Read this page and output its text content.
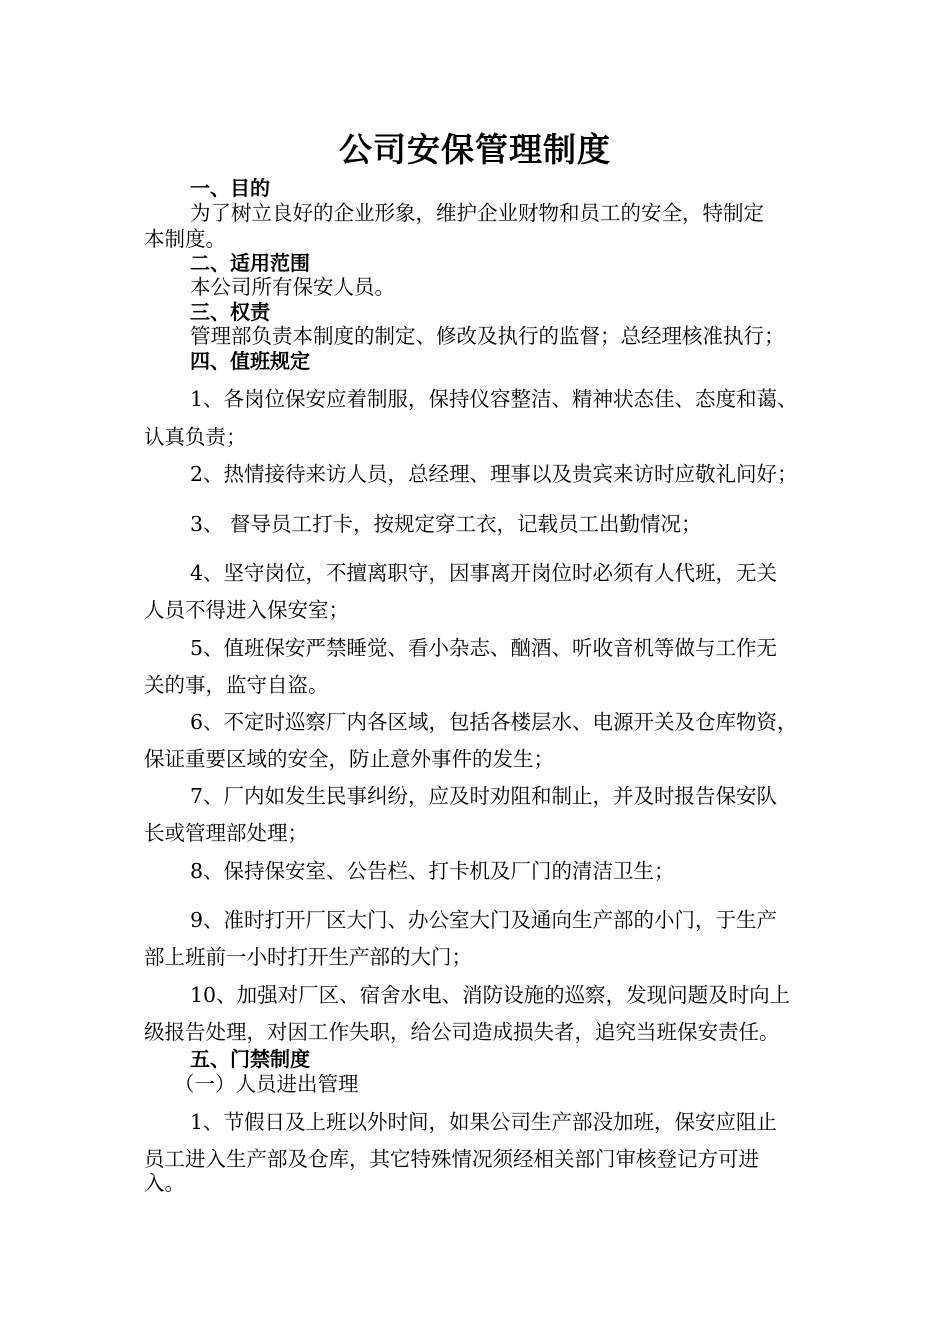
公司安保管理制度
一、目的
为了树立良好的企业形象，维护企业财物和员工的安全，特制定
本制度。
二、适用范围
本公司所有保安人员。
三、权责
管理部负责本制度的制定、修改及执行的监督；总经理核准执行；
四、值班规定
1、各岗位保安应着制服，保持仪容整洁、精神状态佳、态度和蔼、
认真负责；
2、热情接待来访人员，总经理、理事以及贵宾来访时应敬礼问好；
3、 督导员工打卡，按规定穿工衣，记载员工出勤情况；
4、坚守岗位，不擅离职守，因事离开岗位时必须有人代班，无关
人员不得进入保安室；
5、值班保安严禁睡觉、看小杂志、酗酒、听收音机等做与工作无
关的事，监守自盗。
6、不定时巡察厂内各区域，包括各楼层水、电源开关及仓库物资，
保证重要区域的安全，防止意外事件的发生；
7、厂内如发生民事纠纷，应及时劝阻和制止，并及时报告保安队
长或管理部处理；
8、保持保安室、公告栏、打卡机及厂门的清洁卫生；
9、准时打开厂区大门、办公室大门及通向生产部的小门，于生产
部上班前一小时打开生产部的大门；
10、加强对厂区、宿舍水电、消防设施的巡察，发现问题及时向上
级报告处理，对因工作失职，给公司造成损失者，追究当班保安责任。
五、门禁制度
（一）人员进出管理
1、节假日及上班以外时间，如果公司生产部没加班，保安应阻止
员工进入生产部及仓库，其它特殊情况须经相关部门审核登记方可进
入。
